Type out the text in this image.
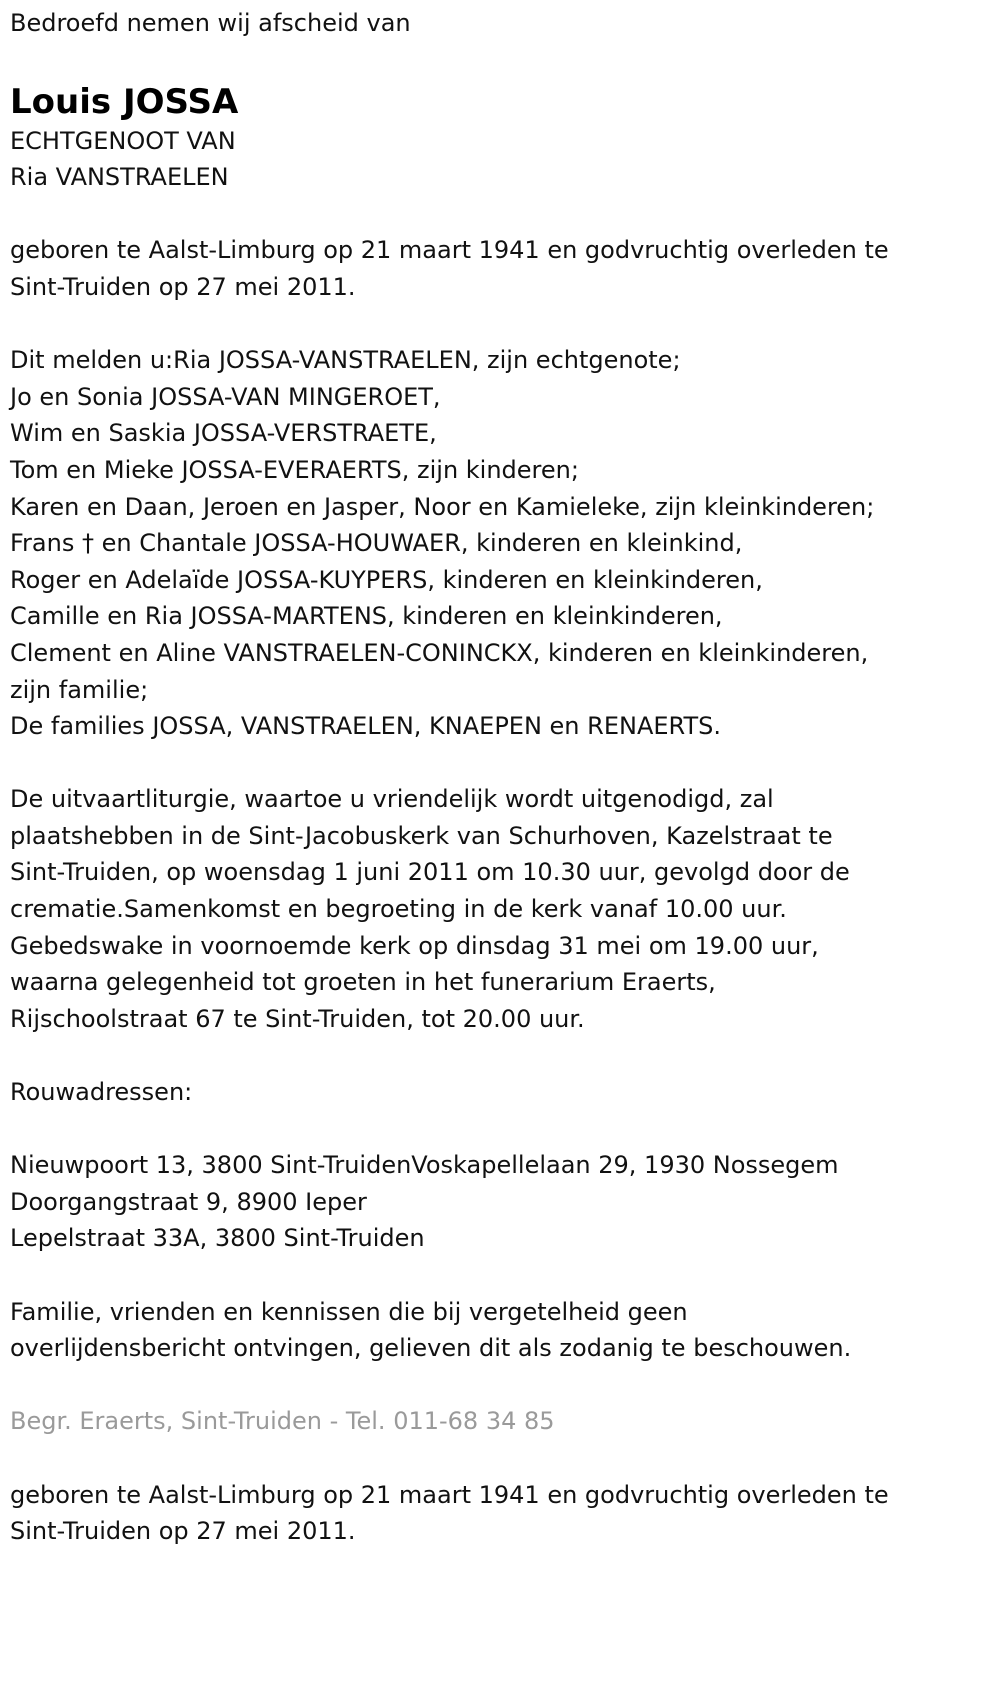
Bedroefd nemen wij afscheid van
Louis JOSSA
ECHTGENOOT VAN
Ria VANSTRAELEN
geboren te Aalst-Limburg op 21 maart 1941 en godvruchtig overleden te
Sint-Truiden op 27 mei 2011.
Dit melden u:Ria JOSSA-VANSTRAELEN, zijn echtgenote;
Jo en Sonia JOSSA-VAN MINGEROET,
Wim en Saskia JOSSA-VERSTRAETE,
Tom en Mieke JOSSA-EVERAERTS, zijn kinderen;
Karen en Daan, Jeroen en Jasper, Noor en Kamieleke, zijn kleinkinderen;
Frans † en Chantale JOSSA-HOUWAER, kinderen en kleinkind,
Roger en Adelaïde JOSSA-KUYPERS, kinderen en kleinkinderen,
Camille en Ria JOSSA-MARTENS, kinderen en kleinkinderen,
Clement en Aline VANSTRAELEN-CONINCKX, kinderen en kleinkinderen,
zijn familie;
De families JOSSA, VANSTRAELEN, KNAEPEN en RENAERTS.
De uitvaartliturgie, waartoe u vriendelijk wordt uitgenodigd, zal
plaatshebben in de Sint-Jacobuskerk van Schurhoven, Kazelstraat te
Sint-Truiden, op woensdag 1 juni 2011 om 10.30 uur, gevolgd door de
crematie.Samenkomst en begroeting in de kerk vanaf 10.00 uur.
Gebedswake in voornoemde kerk op dinsdag 31 mei om 19.00 uur,
waarna gelegenheid tot groeten in het funerarium Eraerts,
Rijschoolstraat 67 te Sint-Truiden, tot 20.00 uur.
Rouwadressen:
Nieuwpoort 13, 3800 Sint-TruidenVoskapellelaan 29, 1930 Nossegem
Doorgangstraat 9, 8900 Ieper
Lepelstraat 33A, 3800 Sint-Truiden
Familie, vrienden en kennissen die bij vergetelheid geen
overlijdensbericht ontvingen, gelieven dit als zodanig te beschouwen.
Begr. Eraerts, Sint-Truiden - Tel. 011-68 34 85
geboren te Aalst-Limburg op 21 maart 1941 en godvruchtig overleden te
Sint-Truiden op 27 mei 2011.
